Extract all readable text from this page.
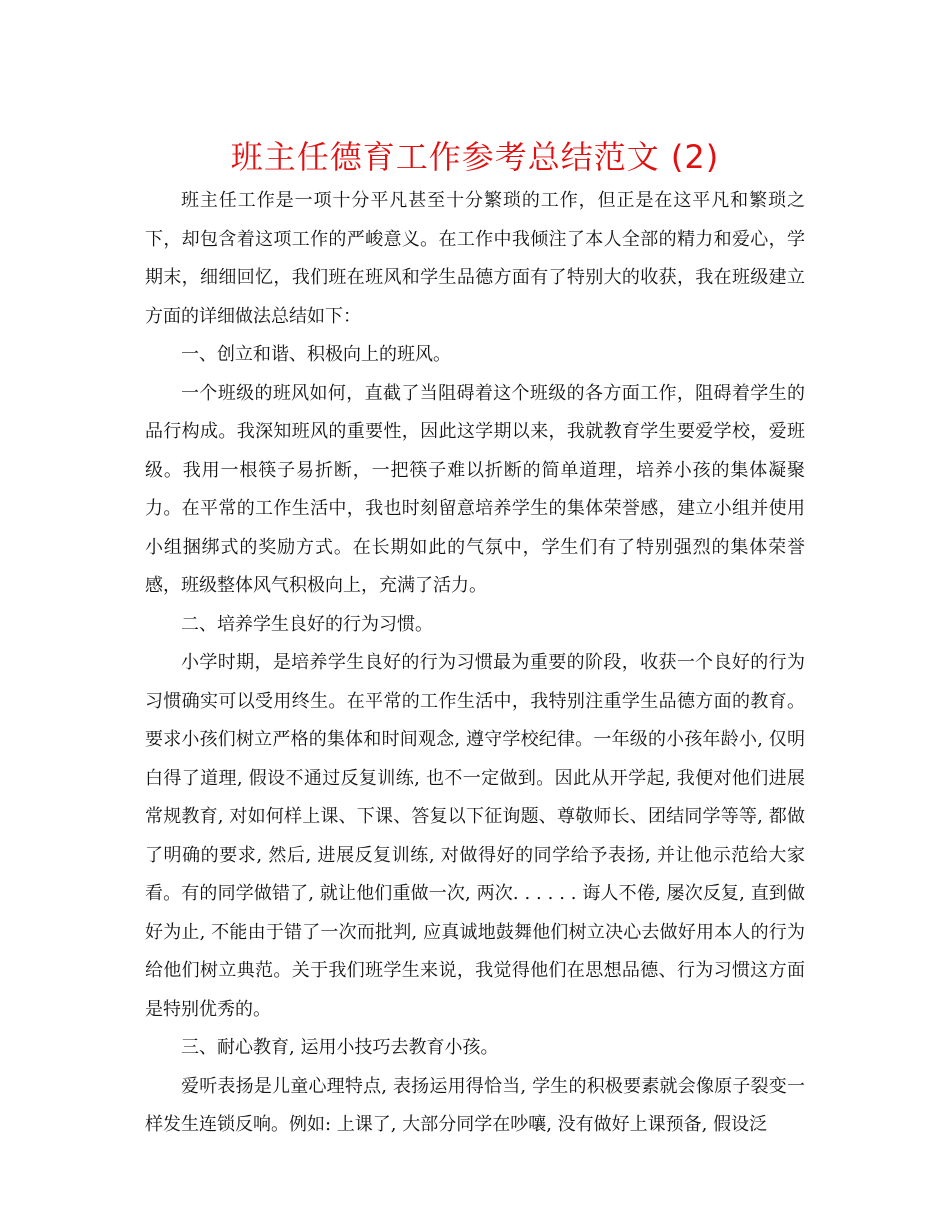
班主任德育工作参考总结范文 (2)

班主任工作是一项十分平凡甚至十分繁琐的工作，但正是在这平凡和繁琐之下，却包含着这项工作的严峻意义。在工作中我倾注了本人全部的精力和爱心，学期末，细细回忆，我们班在班风和学生品德方面有了特别大的收获，我在班级建立方面的详细做法总结如下：

一、创立和谐、积极向上的班风。

一个班级的班风如何，直截了当阻碍着这个班级的各方面工作，阻碍着学生的品行构成。我深知班风的重要性，因此这学期以来，我就教育学生要爱学校，爱班级。我用一根筷子易折断，一把筷子难以折断的简单道理，培养小孩的集体凝聚力。在平常的工作生活中，我也时刻留意培养学生的集体荣誉感，建立小组并使用小组捆绑式的奖励方式。在长期如此的气氛中，学生们有了特别强烈的集体荣誉感，班级整体风气积极向上，充满了活力。

二、培养学生良好的行为习惯。

小学时期，是培养学生良好的行为习惯最为重要的阶段，收获一个良好的行为习惯确实可以受用终生。在平常的工作生活中，我特别注重学生品德方面的教育。要求小孩们树立严格的集体和时间观念, 遵守学校纪律。一年级的小孩年龄小, 仅明白得了道理, 假设不通过反复训练, 也不一定做到。因此从开学起, 我便对他们进展常规教育, 对如何样上课、下课、答复以下征询题、尊敬师长、团结同学等等, 都做了明确的要求, 然后, 进展反复训练, 对做得好的同学给予表扬, 并让他示范给大家看。有的同学做错了, 就让他们重做一次, 两次. . . . . . 诲人不倦, 屡次反复, 直到做好为止, 不能由于错了一次而批判, 应真诚地鼓舞他们树立决心去做好用本人的行为给他们树立典范。关于我们班学生来说，我觉得他们在思想品德、行为习惯这方面是特别优秀的。

三、耐心教育, 运用小技巧去教育小孩。

爱听表扬是儿童心理特点, 表扬运用得恰当, 学生的积极要素就会像原子裂变一样发生连锁反响。例如: 上课了, 大部分同学在吵嚷, 没有做好上课预备, 假设泛
